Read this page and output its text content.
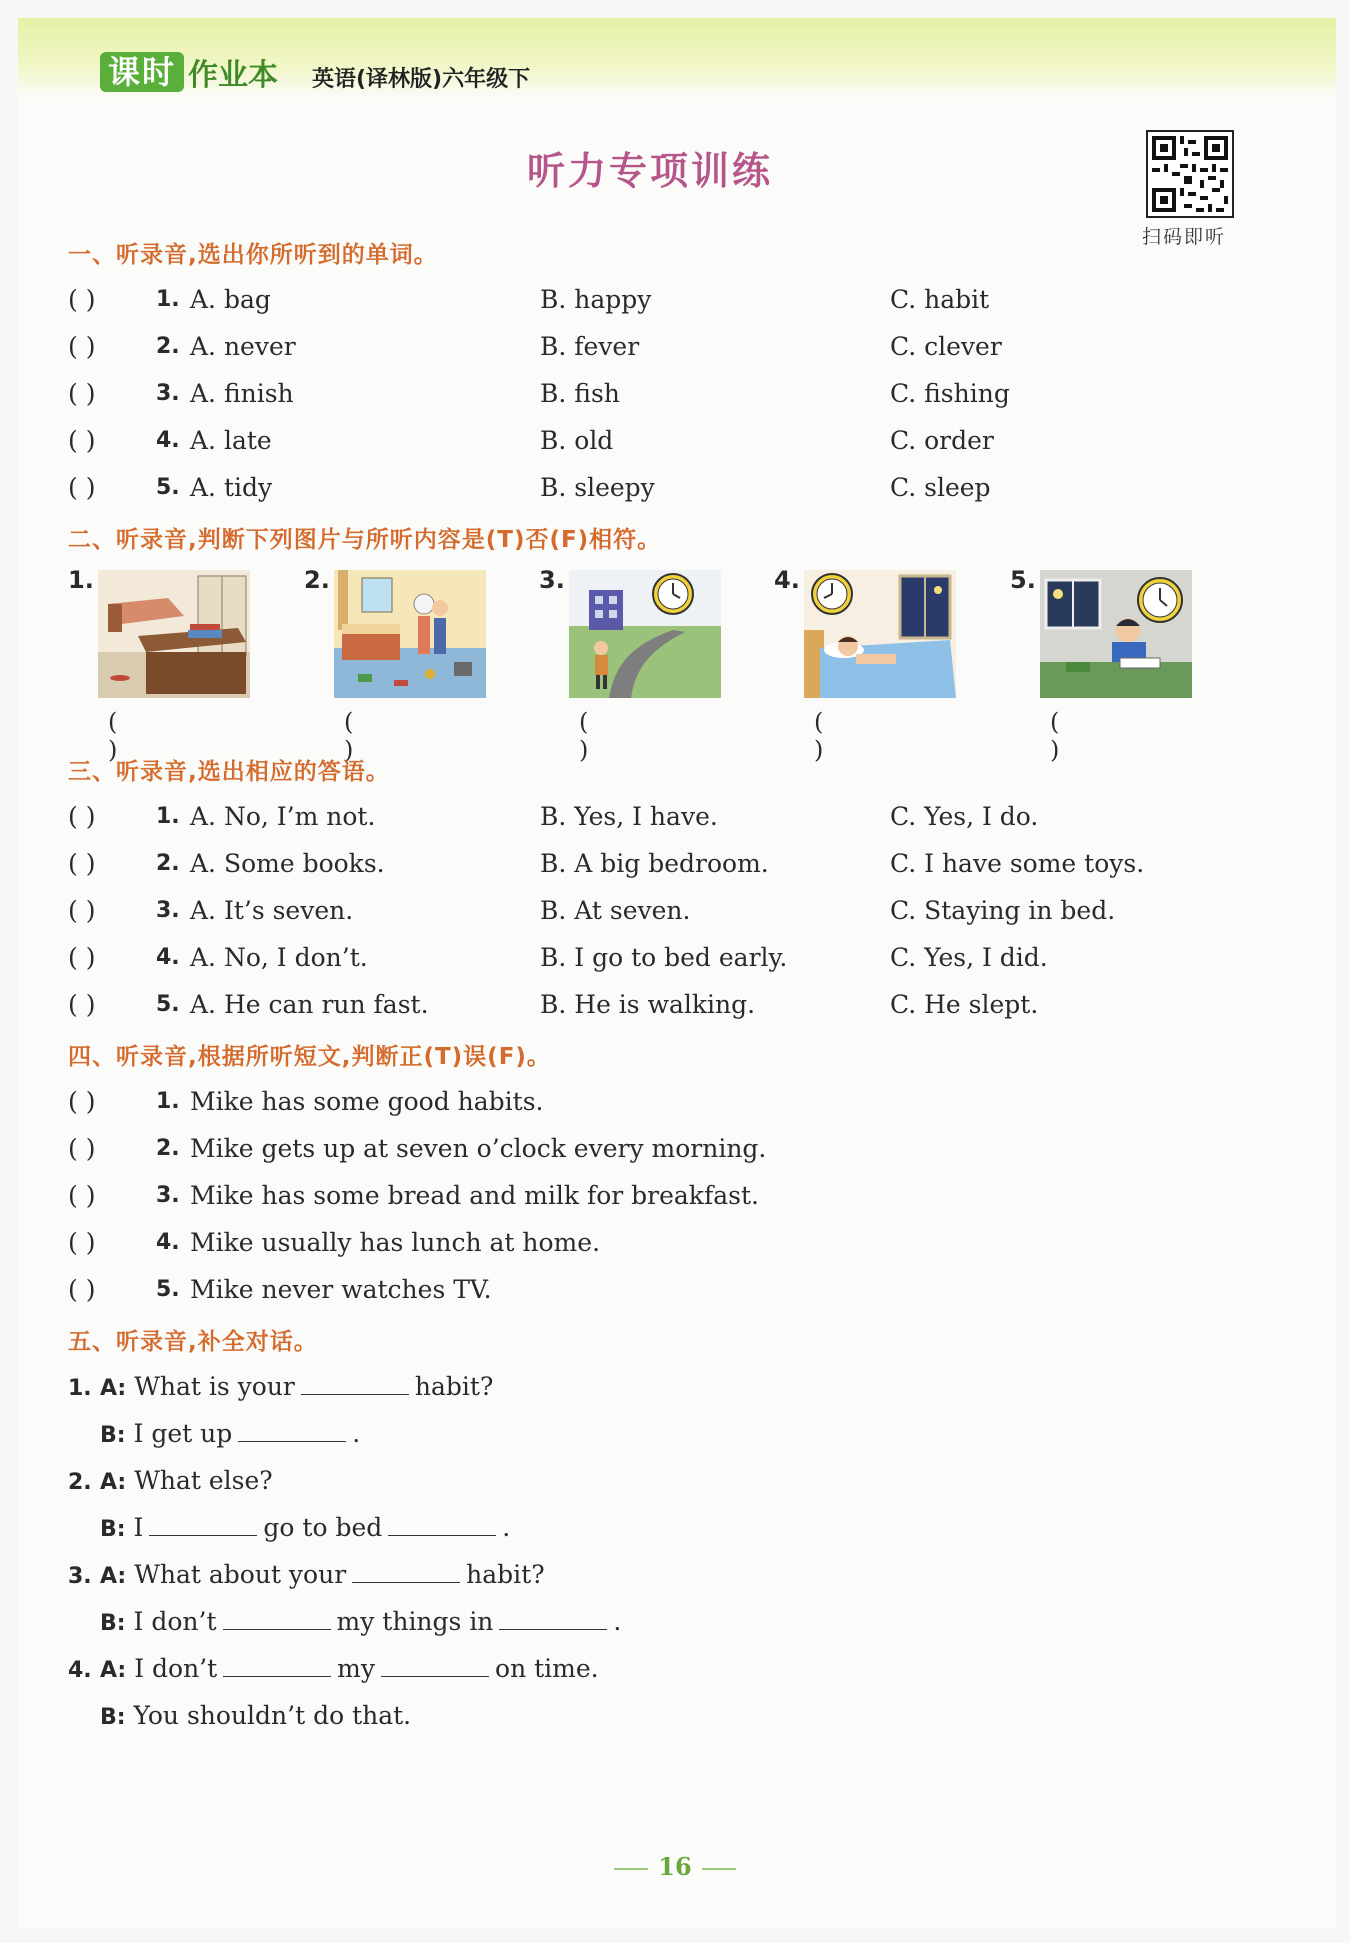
课时 作业本 英语(译林版)六年级下
听力专项训练
扫码即听
一、听录音,选出你所听到的单词。
( )	1. A. bag	B. happy	C. habit
( )	2. A. never	B. fever	C. clever
( )	3. A. finish	B. fish	C. fishing
( )	4. A. late	B. old	C. order
( )	5. A. tidy	B. sleepy	C. sleep
二、听录音,判断下列图片与所听内容是(T)否(F)相符。
1.
( )
2.
( )
3.
( )
4.
( )
5.
( )
三、听录音,选出相应的答语。
( )	1. A. No, I’m not.	B. Yes, I have.	C. Yes, I do.
( )	2. A. Some books.	B. A big bedroom.	C. I have some toys.
( )	3. A. It’s seven.	B. At seven.	C. Staying in bed.
( )	4. A. No, I don’t.	B. I go to bed early.	C. Yes, I did.
( )	5. A. He can run fast.	B. He is walking.	C. He slept.
四、听录音,根据所听短文,判断正(T)误(F)。
( )	1. Mike has some good habits.
( )	2. Mike gets up at seven o’clock every morning.
( )	3. Mike has some bread and milk for breakfast.
( )	4. Mike usually has lunch at home.
( )	5. Mike never watches TV.
五、听录音,补全对话。
1. A: What is your	habit?
B: I get up	.
2. A: What else?
B: I	go to bed	.
3. A: What about your	habit?
B: I don’t	my things in	.
4. A: I don’t	my	on time.
B: You shouldn’t do that.
16
